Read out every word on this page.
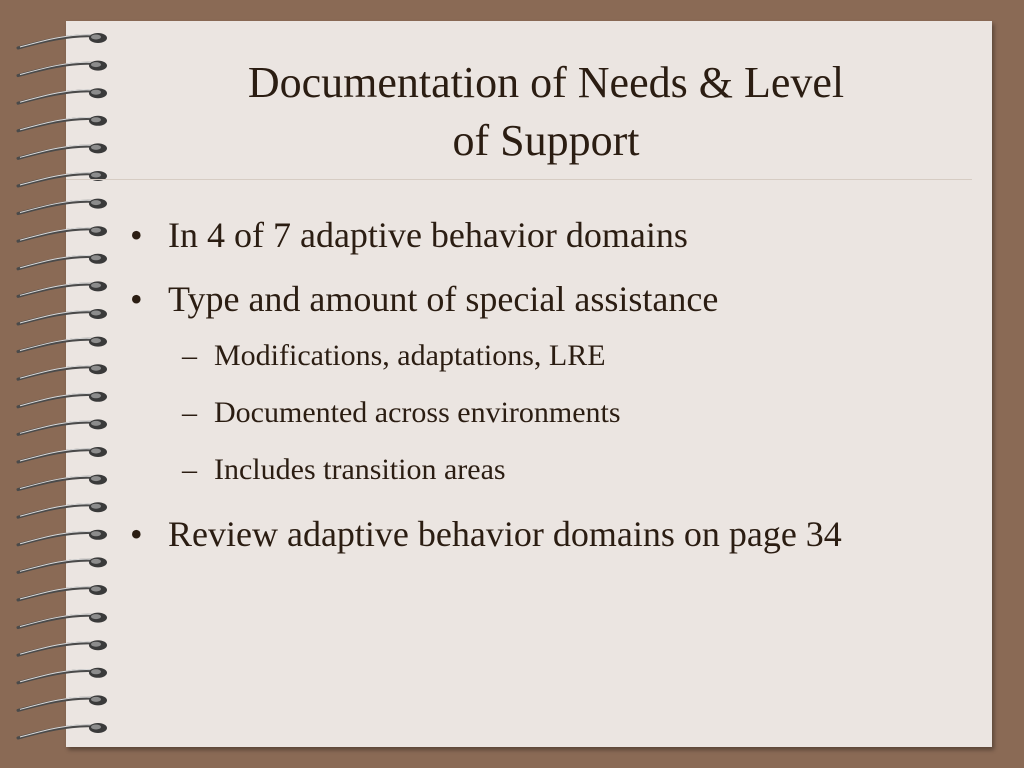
Documentation of Needs & Level
of Support
• In 4 of 7 adaptive behavior domains
• Type and amount of special assistance
– Modifications, adaptations, LRE
– Documented across environments
– Includes transition areas
• Review adaptive behavior domains on page 34
